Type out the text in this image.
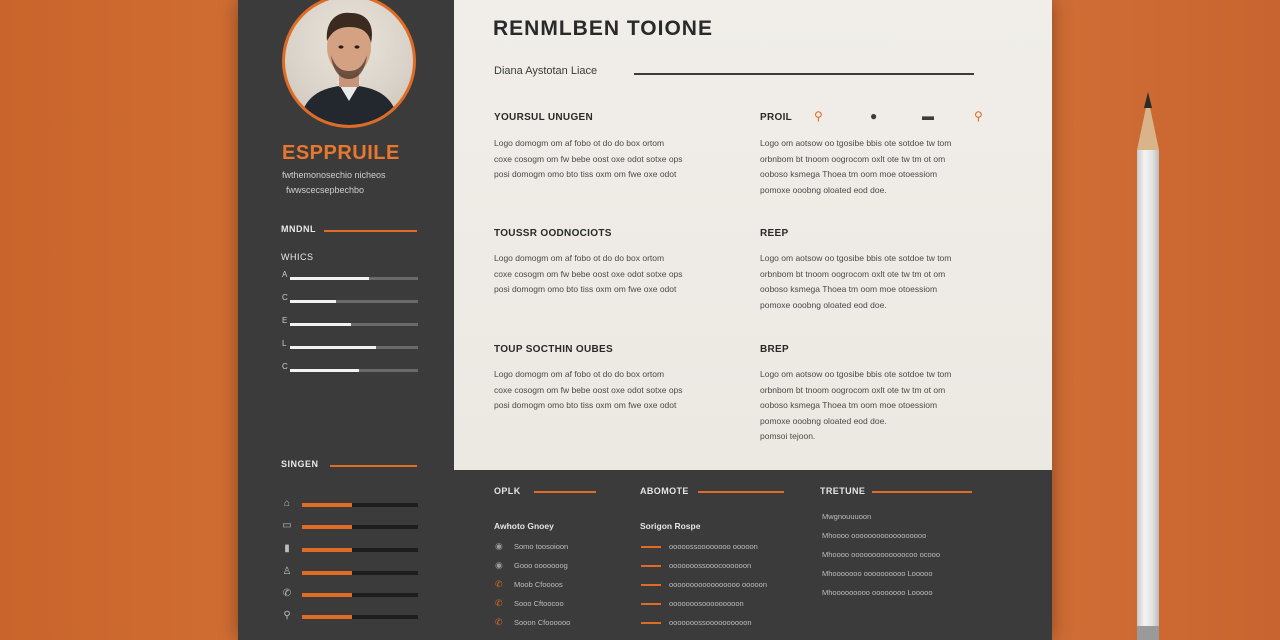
ESPPRUILE
fwthemonosechio nicheos
fwwscecsepbechbo
MNDNL
WHICS
A
C
E
L
C
SINGEN
⌂
▭
▮
♙
✆
⚲
RENMLBEN TOIONE
Diana Aystotan Liace
YOURSUL UNUGEN
Logo domogm om af fobo ot do do box ortom
coxe cosogm om fw bebe oost oxe odot sotxe ops
posi domogm omo bto tiss oxm om fwe oxe odot
PROIL ⚲	●	▬	⚲
Logo om aotsow oo tgosibe bbis ote sotdoe tw tom
orbnbom bt tnoom oogrocom oxlt ote tw tm ot om
ooboso ksmega Thoea tm oom moe otoessiom
pomoxe ooobng oloated eod doe.
TOUSSR OODNOCIOTS
Logo domogm om af fobo ot do do box ortom
coxe cosogm om fw bebe oost oxe odot sotxe ops
posi domogm omo bto tiss oxm om fwe oxe odot
REEP
Logo om aotsow oo tgosibe bbis ote sotdoe tw tom
orbnbom bt tnoom oogrocom oxlt ote tw tm ot om
ooboso ksmega Thoea tm oom moe otoessiom
pomoxe ooobng oloated eod doe.
TOUP SOCTHIN OUBES
Logo domogm om af fobo ot do do box ortom
coxe cosogm om fw bebe oost oxe odot sotxe ops
posi domogm omo bto tiss oxm om fwe oxe odot
BREP
Logo om aotsow oo tgosibe bbis ote sotdoe tw tom
orbnbom bt tnoom oogrocom oxlt ote tw tm ot om
ooboso ksmega Thoea tm oom moe otoessiom
pomoxe ooobng oloated eod doe.
pomsoi tejoon.
OPLK
Awhoto Gnoey
ABOMOTE
Sorigon Rospe
TRETUNE
◉ Somo toosoioon
◉ Gooo ooooooog
✆ Moob Cfoooos
✆ Sooo Cftoocoo
✆ Sooon Cfoooooo
ooooossoooooooo ooooon
ooooooossooocoooooon
ooooooooooooooooo ooooon
ooooooosooooooooon
ooooooossoooooooooon
Mwgnouuuoon
Mhoooo oooooooooooooooooo
Mhoooo ooooooooooooocoo ocooo
Mhooooooo oooooooooo Looooo
Mhooooooooo oooooooo Looooo
